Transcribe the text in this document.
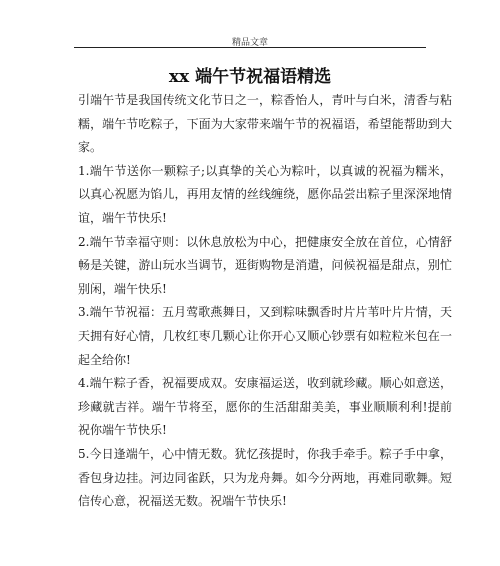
精品文章
xx 端午节祝福语精选

引端午节是我国传统文化节日之一，粽香怡人，青叶与白米，清香与粘糯，端午节吃粽子，下面为大家带来端午节的祝福语，希望能帮助到大家。

1.端午节送你一颗粽子;以真挚的关心为粽叶，以真诚的祝福为糯米，以真心祝愿为馅儿，再用友情的丝线缠绕，愿你品尝出粽子里深深地情谊，端午节快乐!

2.端午节幸福守则：以休息放松为中心，把健康安全放在首位，心情舒畅是关键，游山玩水当调节，逛街购物是消遣，问候祝福是甜点，别忙别闲，端午快乐!

3.端午节祝福：五月莺歌燕舞日，又到粽味飘香时片片苇叶片片情，天天拥有好心情，几枚红枣几颗心让你开心又顺心钞票有如粒粒米包在一起全给你!

4.端午粽子香，祝福要成双。安康福运送，收到就珍藏。顺心如意送，珍藏就吉祥。端午节将至，愿你的生活甜甜美美，事业顺顺利利!提前祝你端午节快乐!

5.今日逢端午，心中情无数。犹忆孩提时，你我手牵手。粽子手中拿，香包身边挂。河边同雀跃，只为龙舟舞。如今分两地，再难同歌舞。短信传心意，祝福送无数。祝端午节快乐!
